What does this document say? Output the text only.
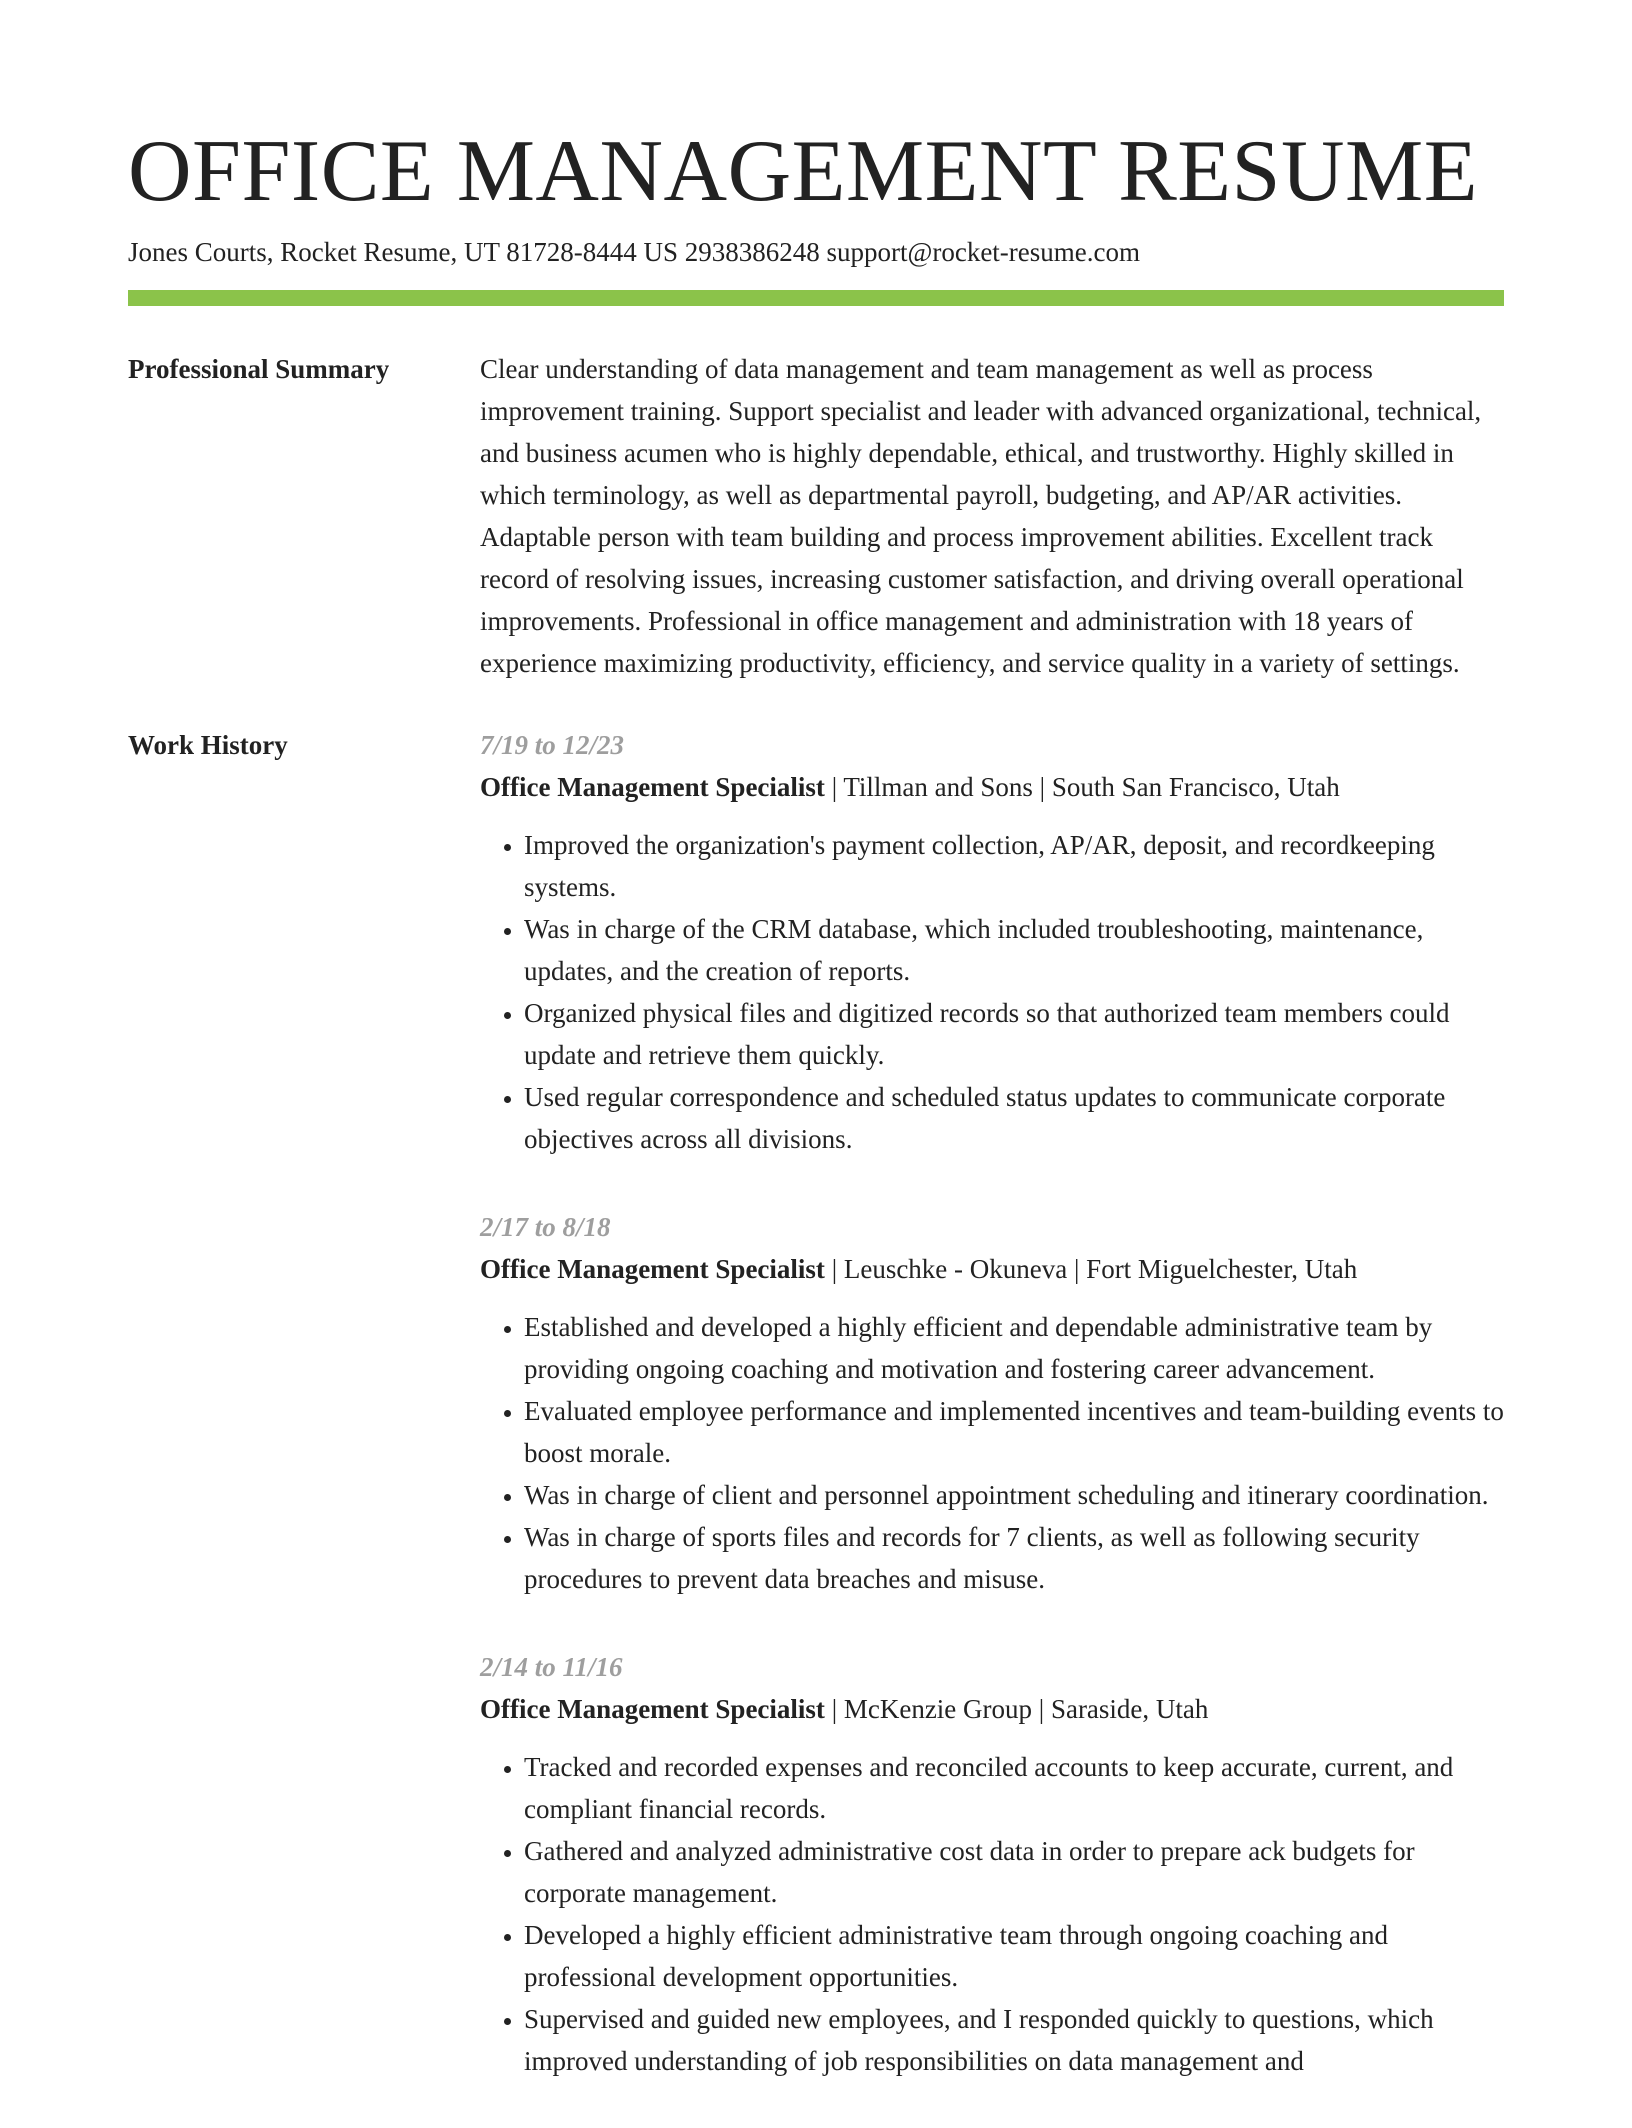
OFFICE MANAGEMENT RESUME
Jones Courts, Rocket Resume, UT 81728-8444 US 2938386248 support@rocket-resume.com
Professional Summary	Clear understanding of data management and team management as well as process improvement training. Support specialist and leader with advanced organizational, technical, and business acumen who is highly dependable, ethical, and trustworthy. Highly skilled in which terminology, as well as departmental payroll, budgeting, and AP/AR activities. Adaptable person with team building and process improvement abilities. Excellent track record of resolving issues, increasing customer satisfaction, and driving overall operational improvements. Professional in office management and administration with 18 years of experience maximizing productivity, efficiency, and service quality in a variety of settings.

Work History	7/19 to 12/23
Office Management Specialist | Tillman and Sons | South San Francisco, Utah
• Improved the organization's payment collection, AP/AR, deposit, and recordkeeping systems.
• Was in charge of the CRM database, which included troubleshooting, maintenance, updates, and the creation of reports.
• Organized physical files and digitized records so that authorized team members could update and retrieve them quickly.
• Used regular correspondence and scheduled status updates to communicate corporate objectives across all divisions.
2/17 to 8/18
Office Management Specialist | Leuschke - Okuneva | Fort Miguelchester, Utah
• Established and developed a highly efficient and dependable administrative team by providing ongoing coaching and motivation and fostering career advancement.
• Evaluated employee performance and implemented incentives and team-building events to boost morale.
• Was in charge of client and personnel appointment scheduling and itinerary coordination.
• Was in charge of sports files and records for 7 clients, as well as following security procedures to prevent data breaches and misuse.
2/14 to 11/16
Office Management Specialist | McKenzie Group | Saraside, Utah
• Tracked and recorded expenses and reconciled accounts to keep accurate, current, and compliant financial records.
• Gathered and analyzed administrative cost data in order to prepare ack budgets for corporate management.
• Developed a highly efficient administrative team through ongoing coaching and professional development opportunities.
• Supervised and guided new employees, and I responded quickly to questions, which improved understanding of job responsibilities on data management and
